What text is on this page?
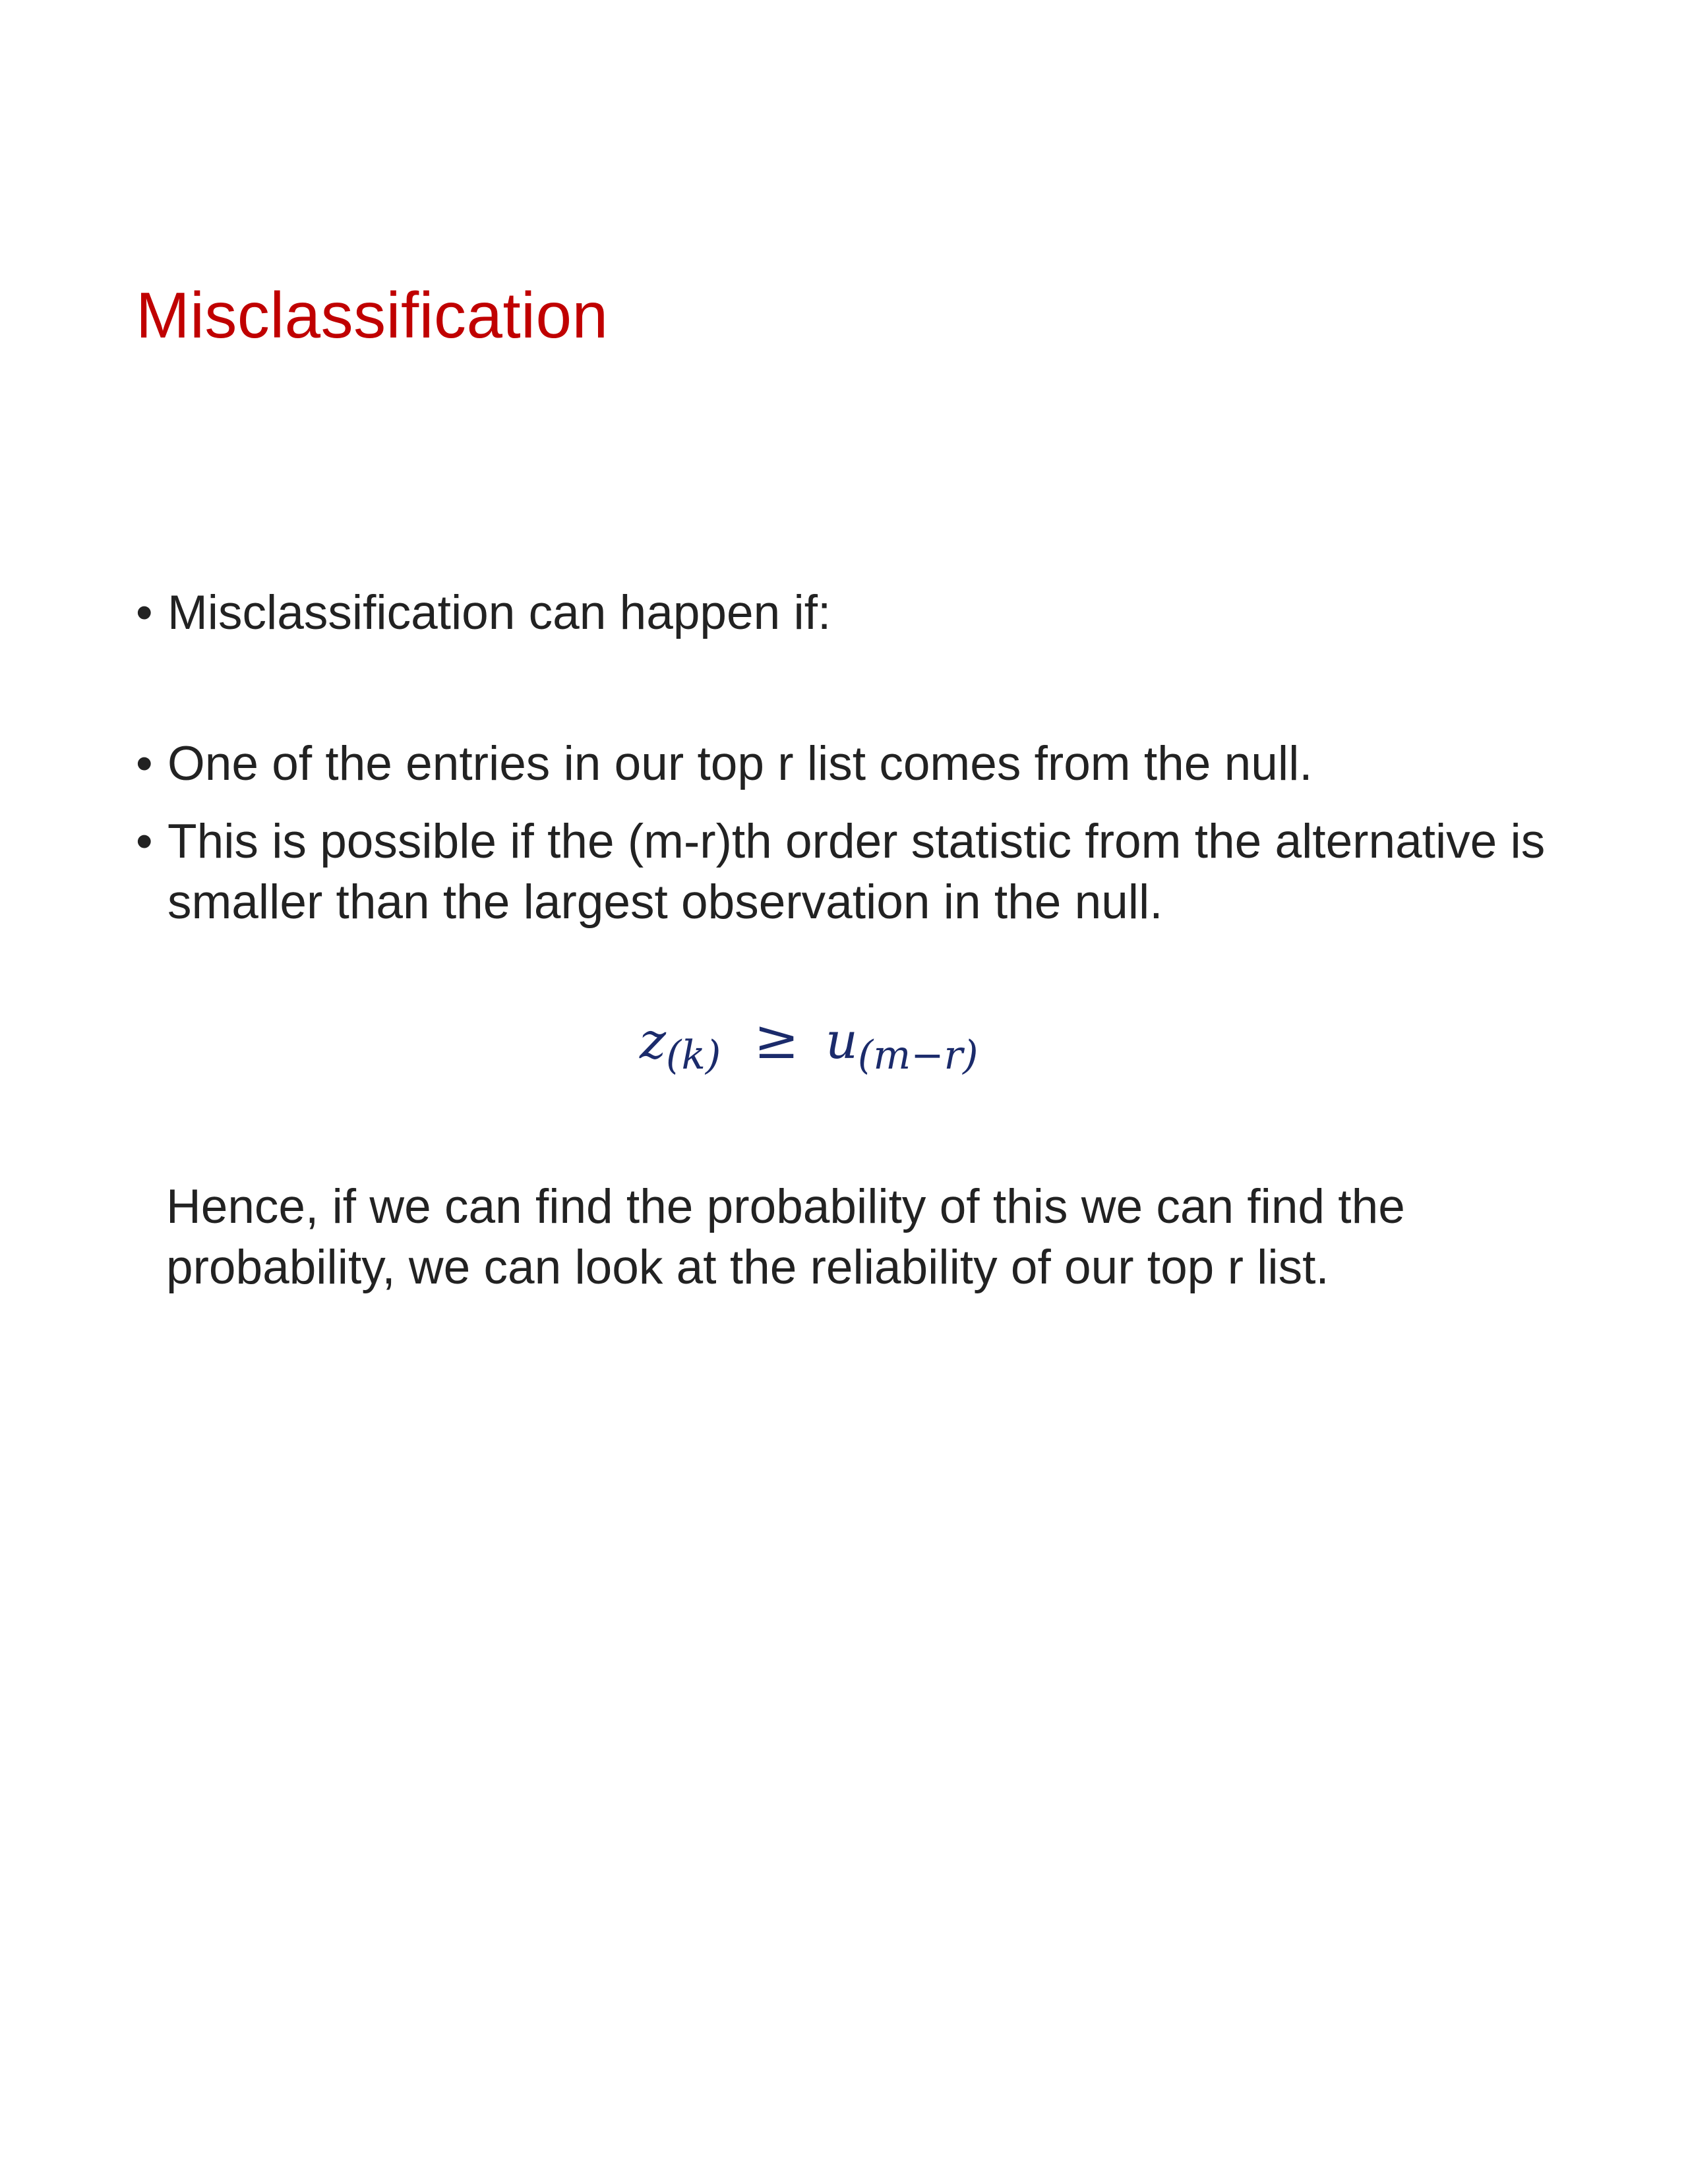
Misclassification
• Misclassification can happen if:
• One of the entries in our top r list comes from the null.
• This is possible if the (m-r)th order statistic from the alternative is smaller than the largest observation in the null.
z(k) ≥ u(m−r)
Hence, if we can find the probability of this we can find the probability, we can look at the reliability of our top r list.
